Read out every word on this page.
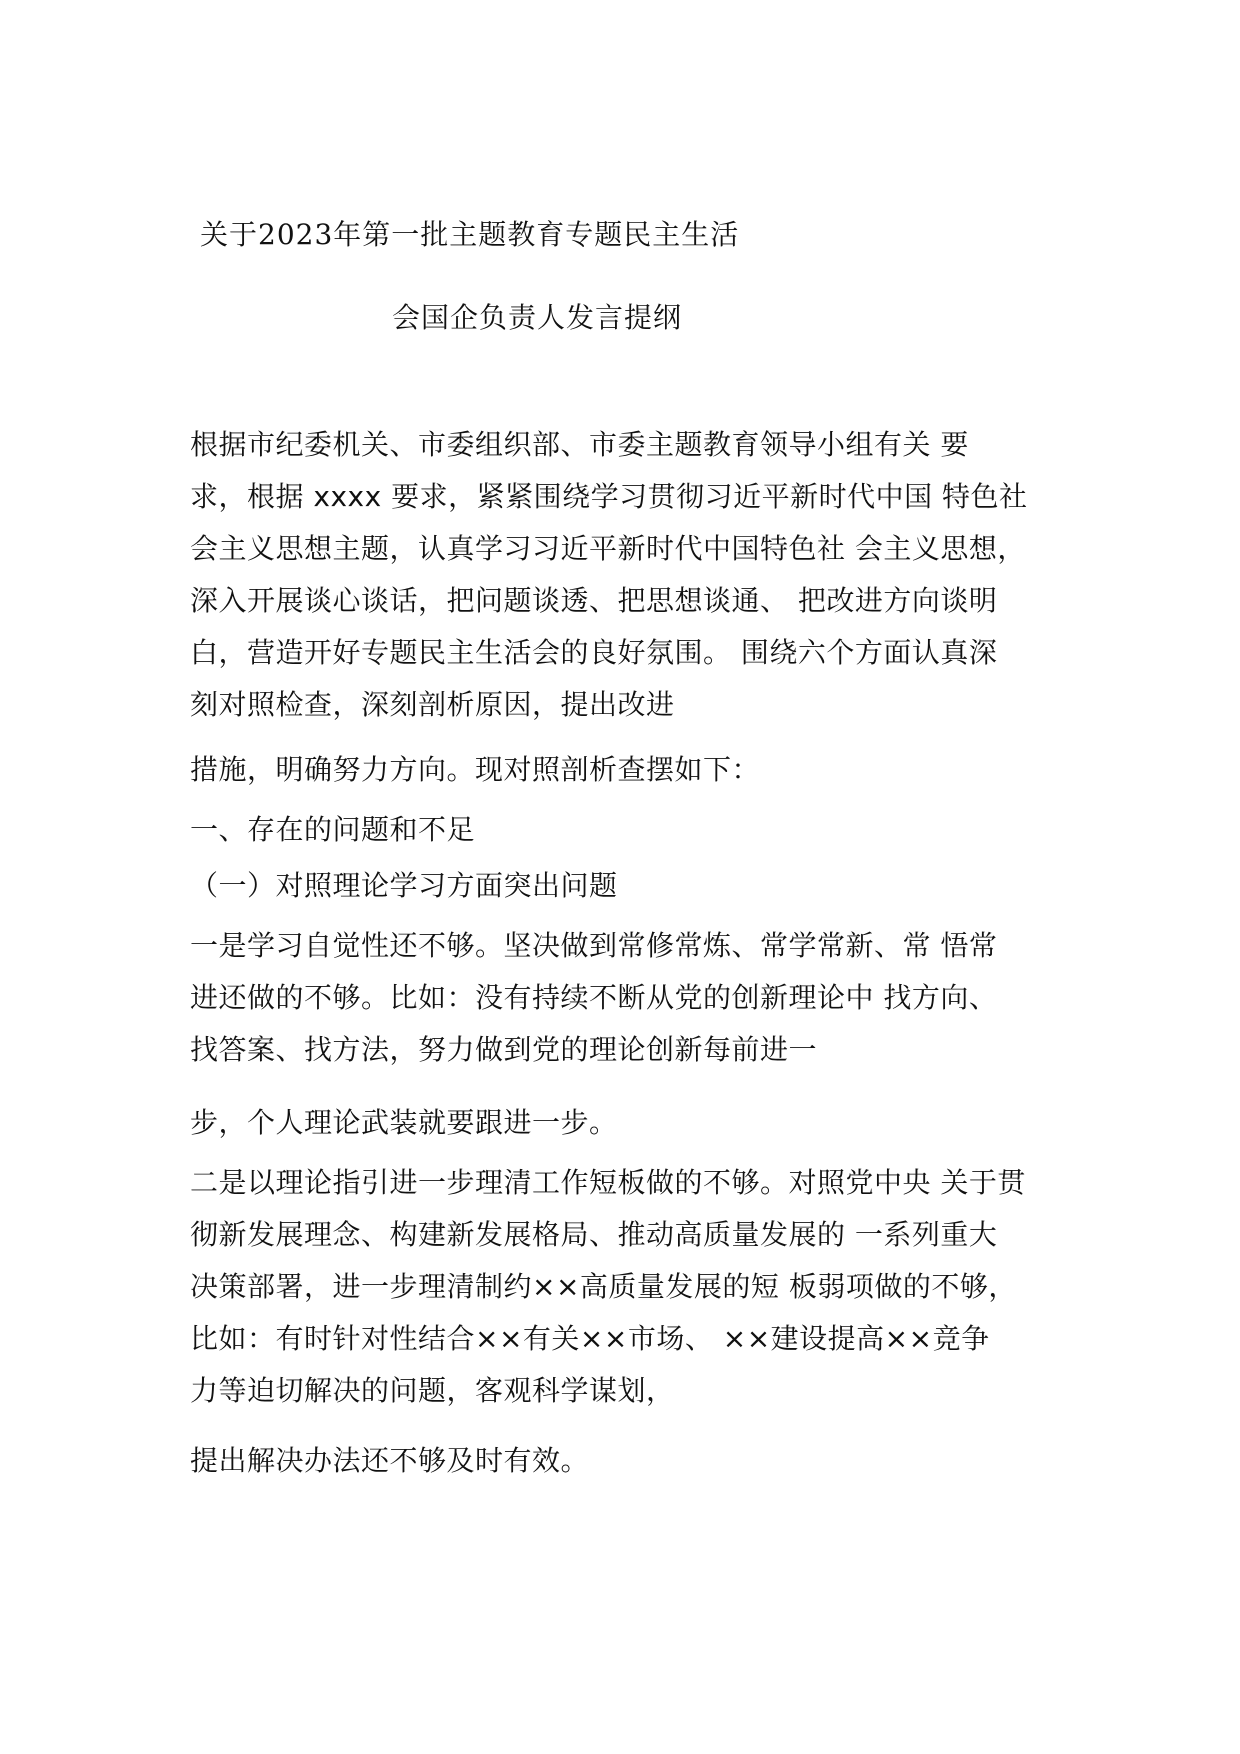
关于2023年第一批主题教育专题民主生活
会国企负责人发言提纲
根据市纪委机关、市委组织部、市委主题教育领导小组有关 要
求，根据 xxxx 要求，紧紧围绕学习贯彻习近平新时代中国 特色社
会主义思想主题，认真学习习近平新时代中国特色社 会主义思想，
深入开展谈心谈话，把问题谈透、把思想谈通、 把改进方向谈明
白，营造开好专题民主生活会的良好氛围。 围绕六个方面认真深
刻对照检查，深刻剖析原因，提出改进
措施，明确努力方向。现对照剖析查摆如下：
一、存在的问题和不足
（一）对照理论学习方面突出问题
一是学习自觉性还不够。坚决做到常修常炼、常学常新、常 悟常
进还做的不够。比如：没有持续不断从党的创新理论中 找方向、
找答案、找方法，努力做到党的理论创新每前进一
步，个人理论武装就要跟进一步。
二是以理论指引进一步理清工作短板做的不够。对照党中央 关于贯
彻新发展理念、构建新发展格局、推动高质量发展的 一系列重大
决策部署，进一步理清制约××高质量发展的短 板弱项做的不够，
比如：有时针对性结合××有关××市场、 ××建设提高××竞争
力等迫切解决的问题，客观科学谋划，
提出解决办法还不够及时有效。
